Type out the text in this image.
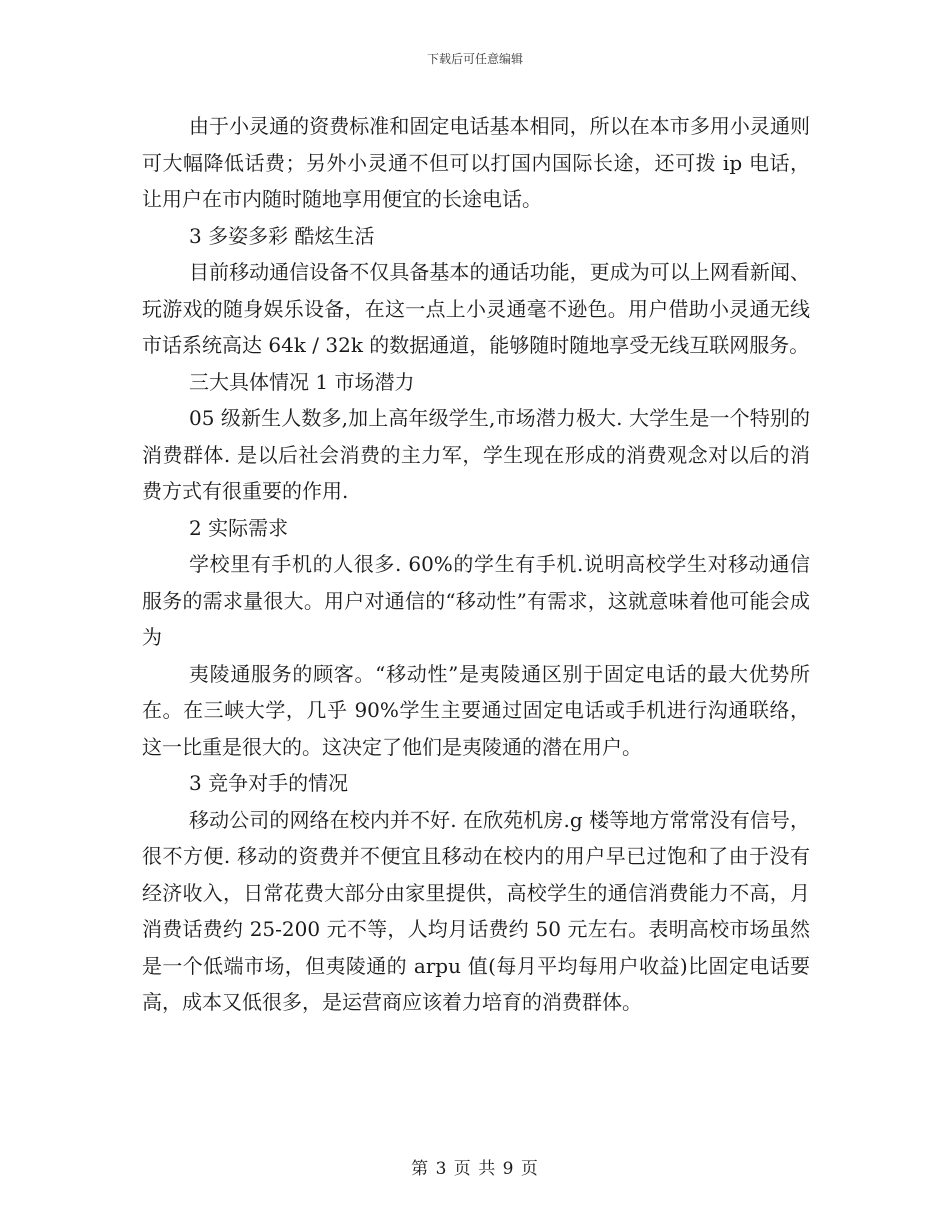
下载后可任意编辑

由于小灵通的资费标准和固定电话基本相同，所以在本市多用小灵通则可大幅降低话费；另外小灵通不但可以打国内国际长途，还可拨 ip 电话，让用户在市内随时随地享用便宜的长途电话。

3 多姿多彩 酷炫生活

目前移动通信设备不仅具备基本的通话功能，更成为可以上网看新闻、玩游戏的随身娱乐设备，在这一点上小灵通毫不逊色。用户借助小灵通无线市话系统高达 64k / 32k 的数据通道，能够随时随地享受无线互联网服务。

三大具体情况 1 市场潜力

05 级新生人数多,加上高年级学生,市场潜力极大. 大学生是一个特别的消费群体. 是以后社会消费的主力军，学生现在形成的消费观念对以后的消费方式有很重要的作用.

2 实际需求

学校里有手机的人很多. 60%的学生有手机.说明高校学生对移动通信服务的需求量很大。用户对通信的“移动性”有需求，这就意味着他可能会成为

夷陵通服务的顾客。“移动性”是夷陵通区别于固定电话的最大优势所在。在三峡大学，几乎 90%学生主要通过固定电话或手机进行沟通联络，这一比重是很大的。这决定了他们是夷陵通的潜在用户。

3 竞争对手的情况

移动公司的网络在校内并不好. 在欣苑机房.g 楼等地方常常没有信号，很不方便. 移动的资费并不便宜且移动在校内的用户早已过饱和了由于没有经济收入，日常花费大部分由家里提供，高校学生的通信消费能力不高，月消费话费约 25-200 元不等，人均月话费约 50 元左右。表明高校市场虽然是一个低端市场，但夷陵通的 arpu 值(每月平均每用户收益)比固定电话要高，成本又低很多，是运营商应该着力培育的消费群体。

第 3 页 共 9 页
